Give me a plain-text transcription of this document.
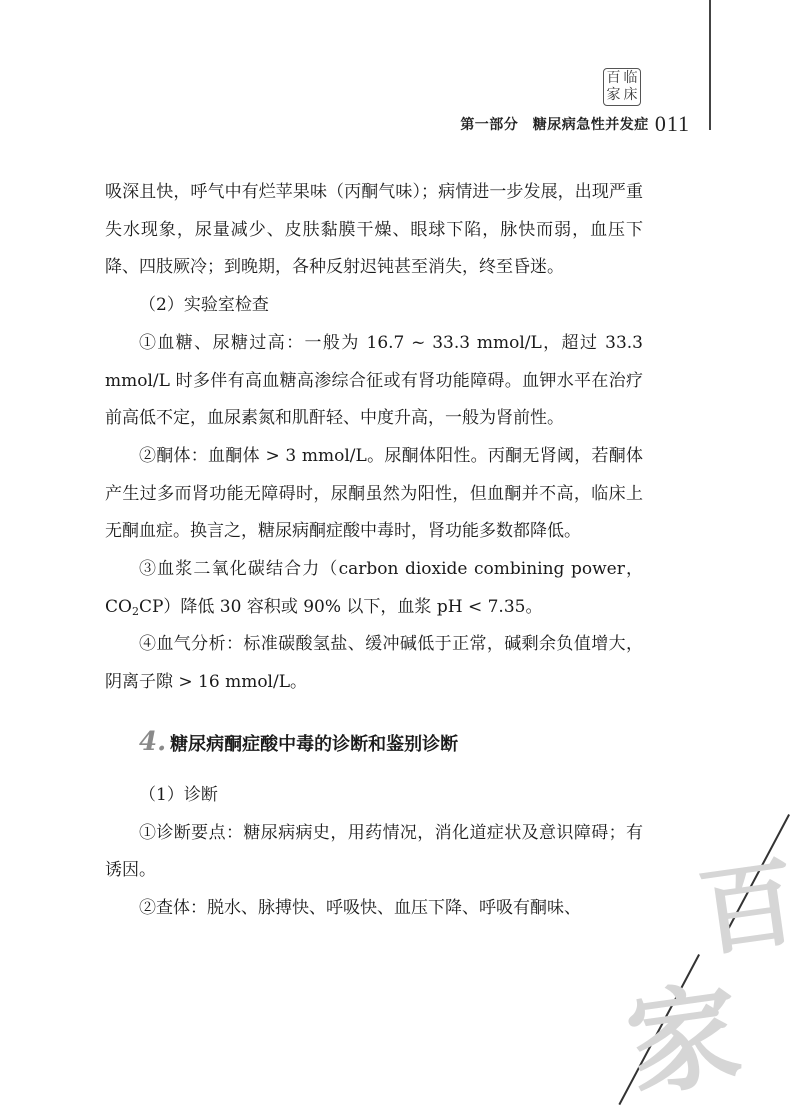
百 临
家 床
第一部分　糖尿病急性并发症 011

吸深且快，呼气中有烂苹果味（丙酮气味）；病情进一步发展，出现严重失水现象，尿量减少、皮肤黏膜干燥、眼球下陷，脉快而弱，血压下降、四肢厥冷；到晚期，各种反射迟钝甚至消失，终至昏迷。

（2）实验室检查

①血糖、尿糖过高：一般为 16.7 ~ 33.3 mmol/L，超过 33.3 mmol/L 时多伴有高血糖高渗综合征或有肾功能障碍。血钾水平在治疗前高低不定，血尿素氮和肌酐轻、中度升高，一般为肾前性。

②酮体：血酮体 > 3 mmol/L。尿酮体阳性。丙酮无肾阈，若酮体产生过多而肾功能无障碍时，尿酮虽然为阳性，但血酮并不高，临床上无酮血症。换言之，糖尿病酮症酸中毒时，肾功能多数都降低。

③血浆二氧化碳结合力（carbon dioxide combining power，$CO_2CP$）降低 30 容积或 90% 以下，血浆 pH < 7.35。

④血气分析：标准碳酸氢盐、缓冲碱低于正常，碱剩余负值增大，阴离子隙 > 16 mmol/L。

4. 糖尿病酮症酸中毒的诊断和鉴别诊断

（1）诊断

①诊断要点：糖尿病病史，用药情况，消化道症状及意识障碍；有诱因。

②查体：脱水、脉搏快、呼吸快、血压下降、呼吸有酮味、	百
家
